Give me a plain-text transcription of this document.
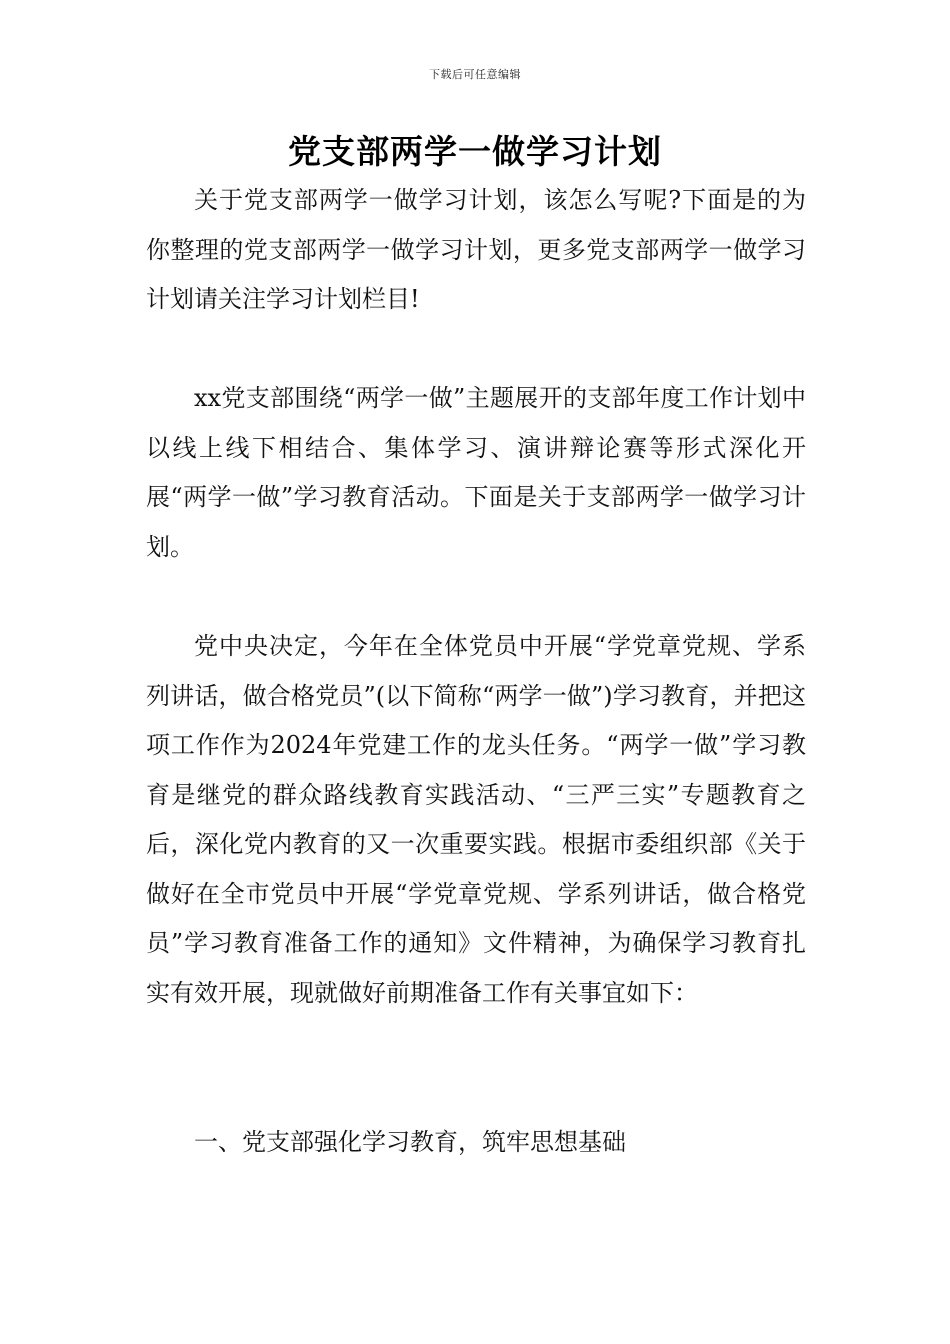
下载后可任意编辑
党支部两学一做学习计划

关于党支部两学一做学习计划，该怎么写呢?下面是的为你整理的党支部两学一做学习计划，更多党支部两学一做学习计划请关注学习计划栏目!

xx党支部围绕“两学一做”主题展开的支部年度工作计划中以线上线下相结合、集体学习、演讲辩论赛等形式深化开展“两学一做”学习教育活动。下面是关于支部两学一做学习计划。

党中央决定，今年在全体党员中开展“学党章党规、学系列讲话，做合格党员”(以下简称“两学一做”)学习教育，并把这项工作作为2024年党建工作的龙头任务。“两学一做”学习教育是继党的群众路线教育实践活动、“三严三实”专题教育之后，深化党内教育的又一次重要实践。根据市委组织部《关于做好在全市党员中开展“学党章党规、学系列讲话，做合格党员”学习教育准备工作的通知》文件精神，为确保学习教育扎实有效开展，现就做好前期准备工作有关事宜如下：

一、党支部强化学习教育，筑牢思想基础
